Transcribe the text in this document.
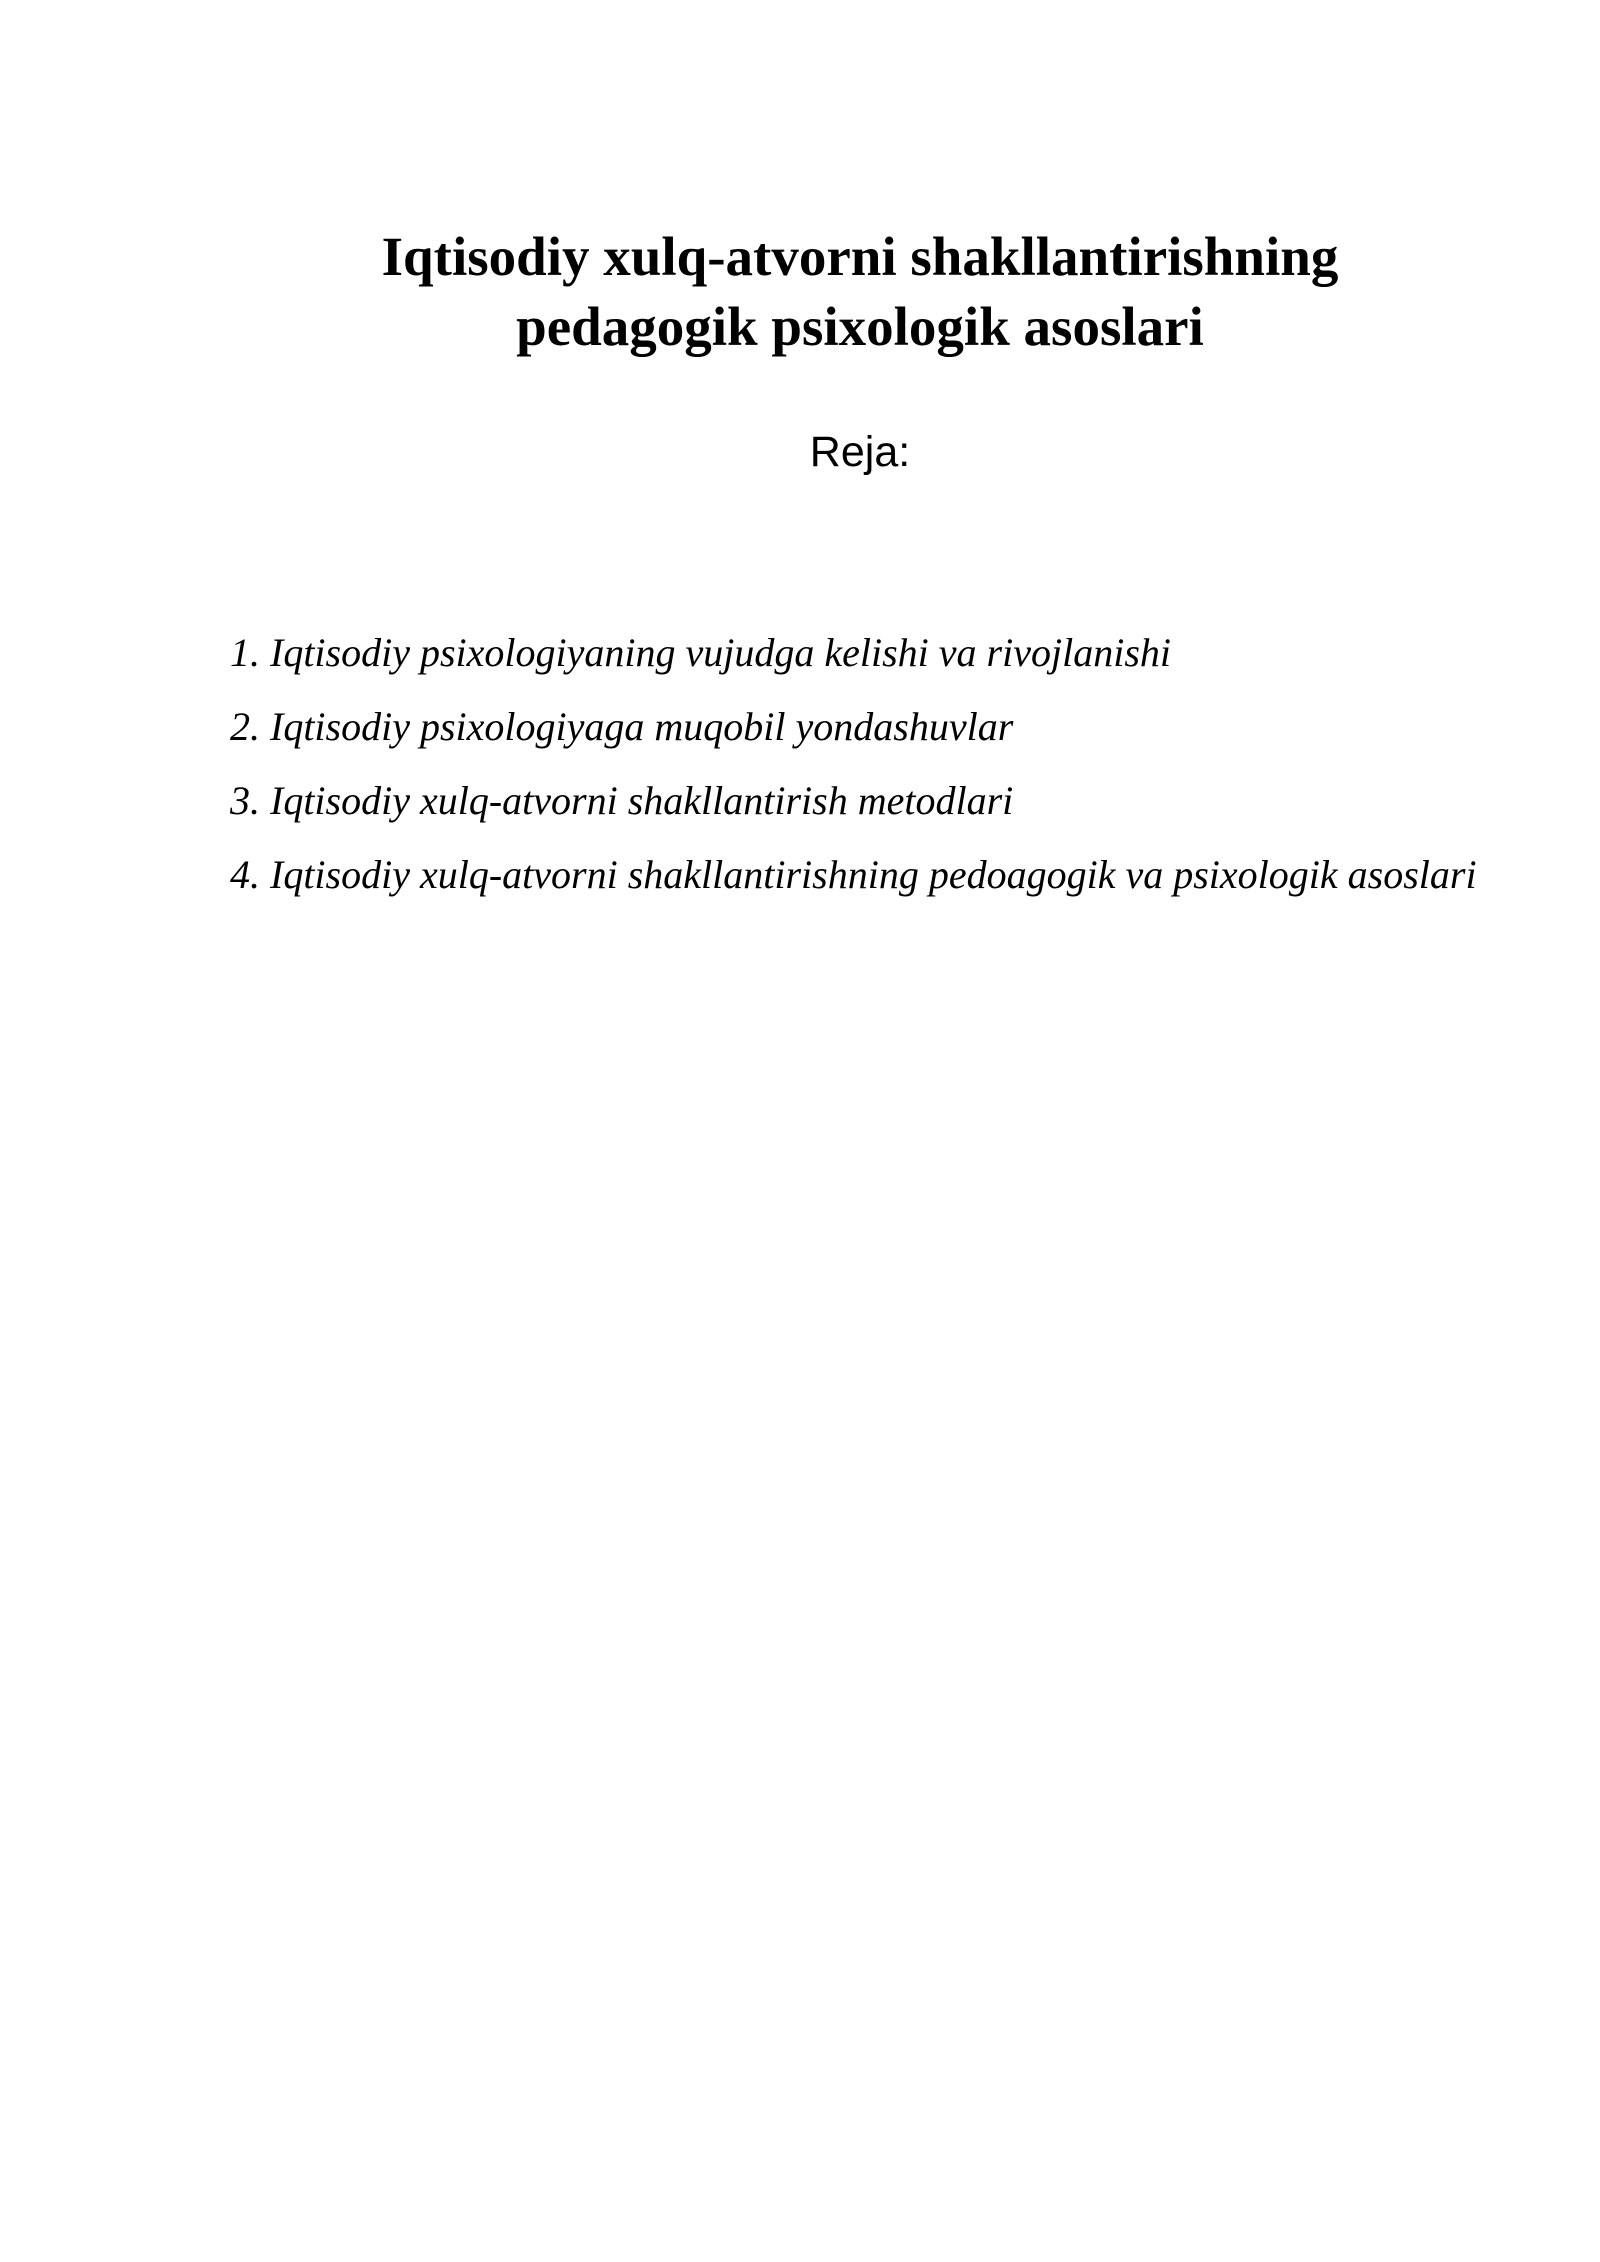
Iqtisodiy xulq-atvorni shakllantirishning
pedagogik psixologik asoslari
Reja:
1. Iqtisodiy psixologiyaning vujudga kelishi va rivojlanishi
2. Iqtisodiy psixologiyaga muqobil yondashuvlar
3. Iqtisodiy xulq-atvorni shakllantirish metodlari
4. Iqtisodiy xulq-atvorni shakllantirishning pedoagogik va psixologik asoslari
